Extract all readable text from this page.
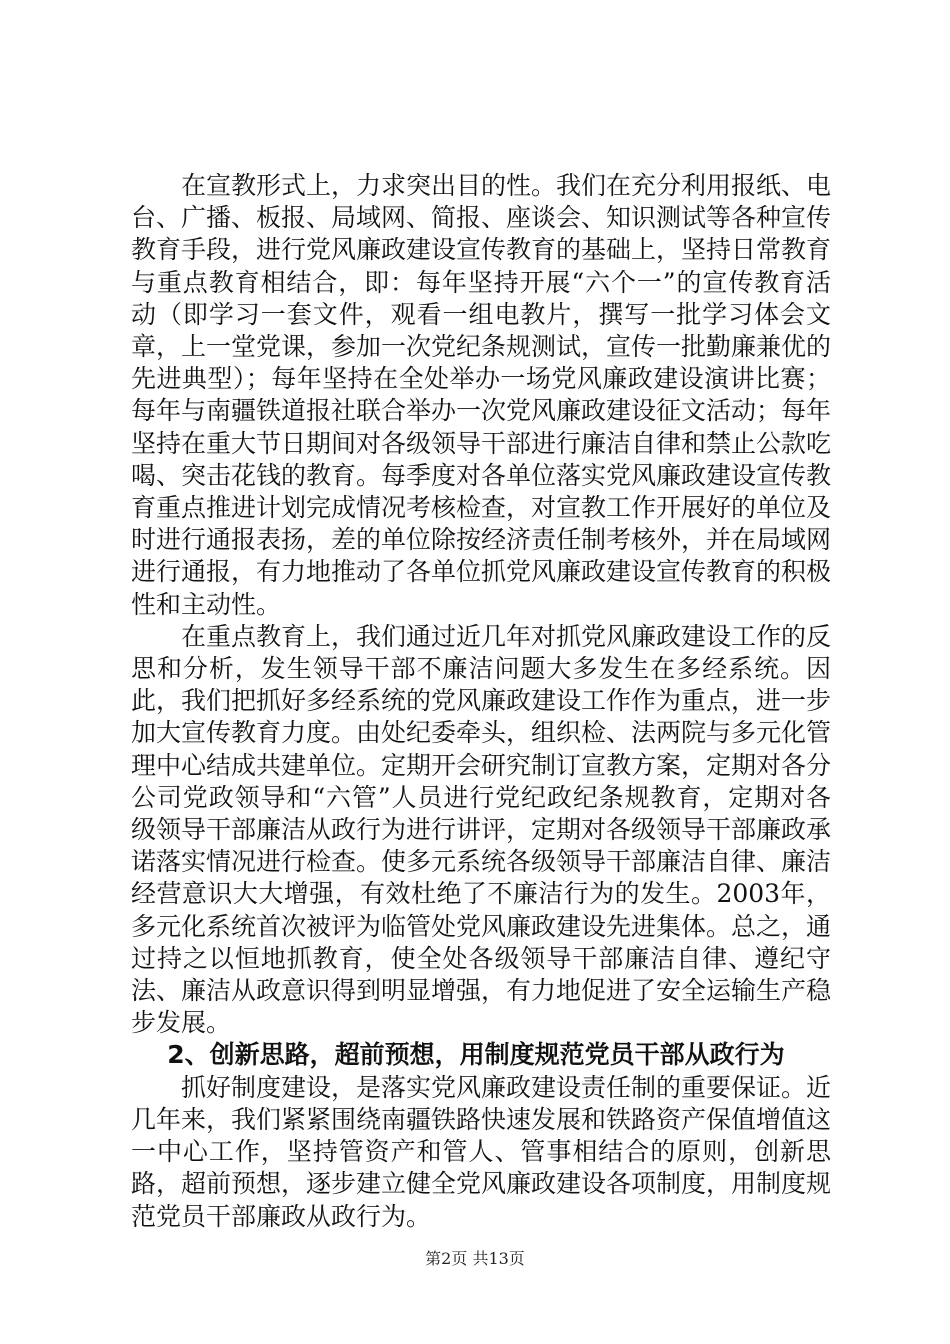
在宣教形式上，力求突出目的性。我们在充分利用报纸、电台、广播、板报、局域网、简报、座谈会、知识测试等各种宣传教育手段，进行党风廉政建设宣传教育的基础上，坚持日常教育与重点教育相结合，即：每年坚持开展“六个一”的宣传教育活动（即学习一套文件，观看一组电教片，撰写一批学习体会文章，上一堂党课，参加一次党纪条规测试，宣传一批勤廉兼优的先进典型）；每年坚持在全处举办一场党风廉政建设演讲比赛；每年与南疆铁道报社联合举办一次党风廉政建设征文活动；每年坚持在重大节日期间对各级领导干部进行廉洁自律和禁止公款吃喝、突击花钱的教育。每季度对各单位落实党风廉政建设宣传教育重点推进计划完成情况考核检查，对宣教工作开展好的单位及时进行通报表扬，差的单位除按经济责任制考核外，并在局域网进行通报，有力地推动了各单位抓党风廉政建设宣传教育的积极性和主动性。

在重点教育上，我们通过近几年对抓党风廉政建设工作的反思和分析，发生领导干部不廉洁问题大多发生在多经系统。因此，我们把抓好多经系统的党风廉政建设工作作为重点，进一步加大宣传教育力度。由处纪委牵头，组织检、法两院与多元化管理中心结成共建单位。定期开会研究制订宣教方案，定期对各分公司党政领导和“六管”人员进行党纪政纪条规教育，定期对各级领导干部廉洁从政行为进行讲评，定期对各级领导干部廉政承诺落实情况进行检查。使多元系统各级领导干部廉洁自律、廉洁经营意识大大增强，有效杜绝了不廉洁行为的发生。2003年，多元化系统首次被评为临管处党风廉政建设先进集体。总之，通过持之以恒地抓教育，使全处各级领导干部廉洁自律、遵纪守法、廉洁从政意识得到明显增强，有力地促进了安全运输生产稳步发展。

2、创新思路，超前预想，用制度规范党员干部从政行为

抓好制度建设，是落实党风廉政建设责任制的重要保证。近几年来，我们紧紧围绕南疆铁路快速发展和铁路资产保值增值这一中心工作，坚持管资产和管人、管事相结合的原则，创新思路，超前预想，逐步建立健全党风廉政建设各项制度，用制度规范党员干部廉政从政行为。

第2页 共13页
